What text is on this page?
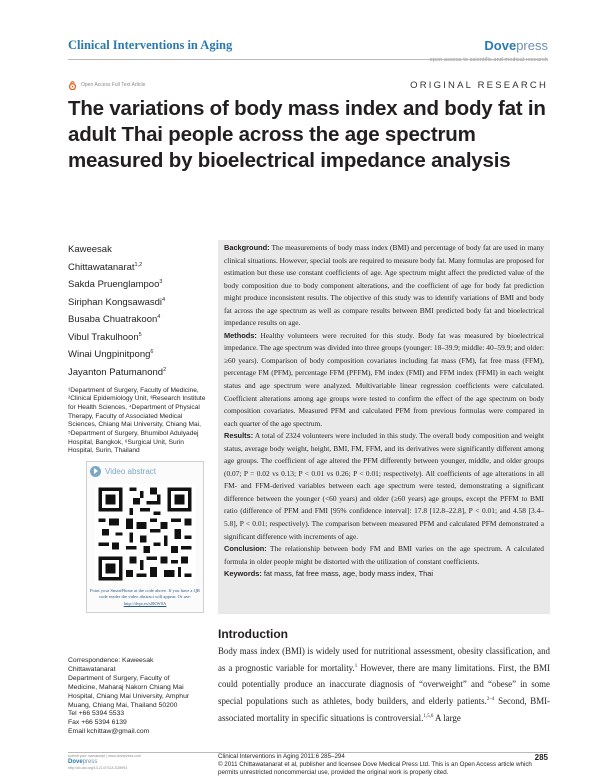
Clinical Interventions in Aging	Dovepress
open access to scientific and medical research
Open Access Full Text Article	ORIGINAL RESEARCH
The variations of body mass index and body fat in adult Thai people across the age spectrum measured by bioelectrical impedance analysis
Kaweesak
Chittawatanarat$^{1,2}$
Sakda Pruenglampoo$^3$
Siriphan Kongsawasdi$^4$
Busaba Chuatrakoon$^4$
Vibul Trakulhoon$^5$
Winai Ungpinitpong$^6$
Jayanton Patumanond$^2$
¹Department of Surgery, Faculty of Medicine, ²Clinical Epidemiology Unit, ³Research Institute for Health Sciences, ⁴Department of Physical Therapy, Faculty of Associated Medical Sciences, Chiang Mai University, Chiang Mai, ⁵Department of Surgery, Bhumibol Adulyadej Hospital, Bangkok, ⁶Surgical Unit, Surin Hospital, Surin, Thailand
Video abstract
Point your SmartPhone at the code above. If you have a QR code reader the video abstract will appear. Or use:
http://dvpr.es/s0KW0A
Correspondence: Kaweesak
Chittawatanarat
Department of Surgery, Faculty of
Medicine, Maharaj Nakorn Chiang Mai
Hospital, Chiang Mai University, Amphur
Muang, Chiang Mai, Thailand 50200
Tel +66 5394 5533
Fax +66 5394 6139
Email kchittaw@gmail.com

Background: The measurements of body mass index (BMI) and percentage of body fat are used in many clinical situations. However, special tools are required to measure body fat. Many formulas are proposed for estimation but these use constant coefficients of age. Age spectrum might affect the predicted value of the body composition due to body component alterations, and the coefficient of age for body fat prediction might produce inconsistent results. The objective of this study was to identify variations of BMI and body fat across the age spectrum as well as compare results between BMI predicted body fat and bioelectrical impedance results on age.

Methods: Healthy volunteers were recruited for this study. Body fat was measured by bioelectrical impedance. The age spectrum was divided into three groups (younger: 18–39.9; middle: 40–59.9; and older: ≥60 years). Comparison of body composition covariates including fat mass (FM), fat free mass (FFM), percentage FM (PFM), percentage FFM (PFFM), FM index (FMI) and FFM index (FFMI) in each weight status and age spectrum were analyzed. Multivariable linear regression coefficients were calculated. Coefficient alterations among age groups were tested to confirm the effect of the age spectrum on body composition covariates. Measured PFM and calculated PFM from previous formulas were compared in each quarter of the age spectrum.

Results: A total of 2324 volunteers were included in this study. The overall body composition and weight status, average body weight, height, BMI, FM, FFM, and its derivatives were significantly different among age groups. The coefficient of age altered the PFM differently between younger, middle, and older groups (0.07; P = 0.02 vs 0.13; P < 0.01 vs 0.26; P < 0.01; respectively). All coefficients of age alterations in all FM- and FFM-derived variables between each age spectrum were tested, demonstrating a significant difference between the younger (<60 years) and older (≥60 years) age groups, except the PFFM to BMI ratio (difference of PFM and FMI [95% confidence interval]: 17.8 [12.8–22.8], P < 0.01; and 4.58 [3.4–5.8], P < 0.01; respectively). The comparison between measured PFM and calculated PFM demonstrated a significant difference with increments of age.

Conclusion: The relationship between body FM and BMI varies on the age spectrum. A calculated formula in older people might be distorted with the utilization of constant coefficients.

Keywords: fat mass, fat free mass, age, body mass index, Thai

Introduction

Body mass index (BMI) is widely used for nutritional assessment, obesity classification, and as a prognostic variable for mortality.$^1$ However, there are many limitations. First, the BMI could potentially produce an inaccurate diagnosis of “overweight” and “obese” in some special populations such as athletes, body builders, and elderly patients.$^{2-4}$ Second, BMI-associated mortality in specific situations is controversial.$^{1,5,6}$ A large

submit your manuscript | www.dovepress.com
Dovepress
http://dx.doi.org/10.2147/CIA.S28993
Clinical Interventions in Aging 2011:6 285–294
© 2011 Chittawatanarat et al, publisher and licensee Dove Medical Press Ltd. This is an Open Access article which permits unrestricted noncommercial use, provided the original work is properly cited.
285
